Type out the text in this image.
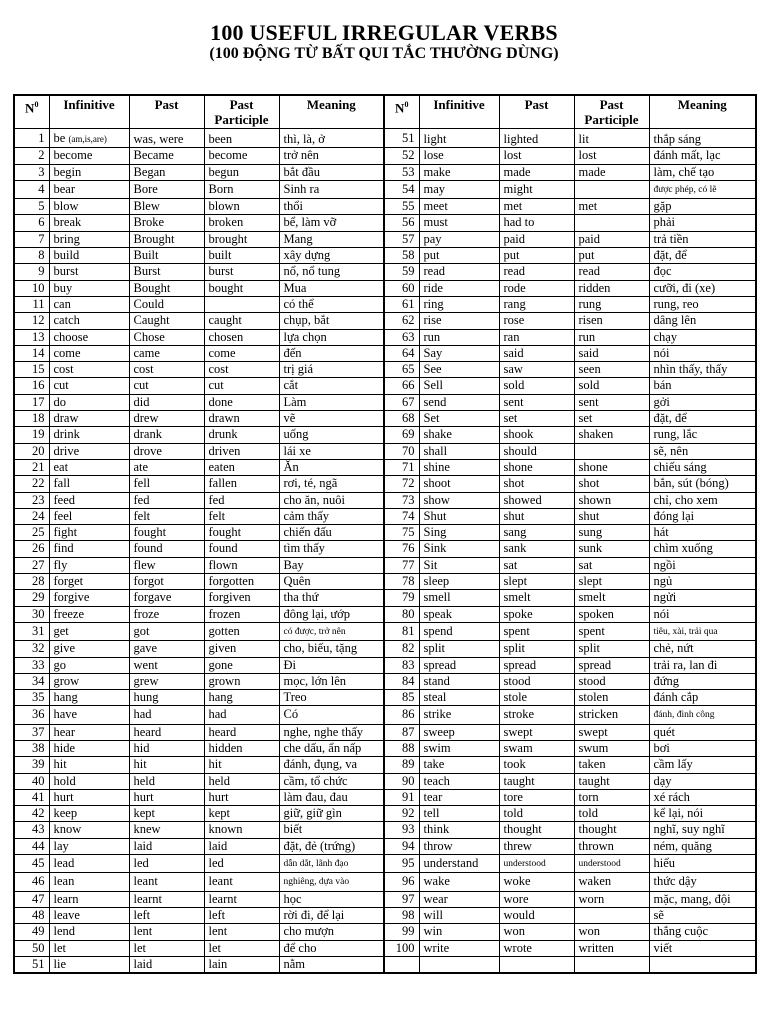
100 USEFUL IRREGULAR VERBS
(100 ĐỘNG TỪ BẤT QUI TẮC THƯỜNG DÙNG)
$N^0$	Infinitive	Past	Past Participle	Meaning	$N^0$	Infinitive	Past	Past Participle	Meaning
1	be (am,is,are)	was, were	been	thì, là, ở	51	light	lighted	lit	thắp sáng
2	become	Became	become	trở nên	52	lose	lost	lost	đánh mất, lạc
3	begin	Began	begun	bắt đầu	53	make	made	made	làm, chế tạo
4	bear	Bore	Born	Sinh ra	54	may	might		được phép, có lẽ
5	blow	Blew	blown	thổi	55	meet	met	met	gặp
6	break	Broke	broken	bể, làm vỡ	56	must	had to		phải
7	bring	Brought	brought	Mang	57	pay	paid	paid	trả tiền
8	build	Built	built	xây dựng	58	put	put	put	đặt, để
9	burst	Burst	burst	nổ, nổ tung	59	read	read	read	đọc
10	buy	Bought	bought	Mua	60	ride	rode	ridden	cưỡi, đi (xe)
11	can	Could		có thể	61	ring	rang	rung	rung, reo
12	catch	Caught	caught	chụp, bắt	62	rise	rose	risen	dâng lên
13	choose	Chose	chosen	lựa chọn	63	run	ran	run	chạy
14	come	came	come	đến	64	Say	said	said	nói
15	cost	cost	cost	trị giá	65	See	saw	seen	nhìn thấy, thấy
16	cut	cut	cut	cắt	66	Sell	sold	sold	bán
17	do	did	done	Làm	67	send	sent	sent	gởi
18	draw	drew	drawn	vẽ	68	Set	set	set	đặt, để
19	drink	drank	drunk	uống	69	shake	shook	shaken	rung, lắc
20	drive	drove	driven	lái xe	70	shall	should		sẽ, nên
21	eat	ate	eaten	Ăn	71	shine	shone	shone	chiếu sáng
22	fall	fell	fallen	rơi, té, ngã	72	shoot	shot	shot	bắn, sút (bóng)
23	feed	fed	fed	cho ăn, nuôi	73	show	showed	shown	chỉ, cho xem
24	feel	felt	felt	cảm thấy	74	Shut	shut	shut	đóng lại
25	fight	fought	fought	chiến đấu	75	Sing	sang	sung	hát
26	find	found	found	tìm thấy	76	Sink	sank	sunk	chìm xuống
27	fly	flew	flown	Bay	77	Sit	sat	sat	ngồi
28	forget	forgot	forgotten	Quên	78	sleep	slept	slept	ngủ
29	forgive	forgave	forgiven	tha thứ	79	smell	smelt	smelt	ngửi
30	freeze	froze	frozen	đông lại, ướp	80	speak	spoke	spoken	nói
31	get	got	gotten	có được, trở nên	81	spend	spent	spent	tiêu, xài, trải qua
32	give	gave	given	cho, biếu, tặng	82	split	split	split	chẻ, nứt
33	go	went	gone	Đi	83	spread	spread	spread	trải ra, lan đi
34	grow	grew	grown	mọc, lớn lên	84	stand	stood	stood	đứng
35	hang	hung	hang	Treo	85	steal	stole	stolen	đánh cắp
36	have	had	had	Có	86	strike	stroke	stricken	đánh, đình công
37	hear	heard	heard	nghe, nghe thấy	87	sweep	swept	swept	quét
38	hide	hid	hidden	che dấu, ẩn nấp	88	swim	swam	swum	bơi
39	hit	hit	hit	đánh, đụng, va	89	take	took	taken	cầm lấy
40	hold	held	held	cầm, tổ chức	90	teach	taught	taught	dạy
41	hurt	hurt	hurt	làm đau, đau	91	tear	tore	torn	xé rách
42	keep	kept	kept	giữ, giữ gìn	92	tell	told	told	kể lại, nói
43	know	knew	known	biết	93	think	thought	thought	nghĩ, suy nghĩ
44	lay	laid	laid	đặt, đẻ (trứng)	94	throw	threw	thrown	ném, quăng
45	lead	led	led	dẫn dắt, lãnh đạo	95	understand	understood	understood	hiểu
46	lean	leant	leant	nghiêng, dựa vào	96	wake	woke	waken	thức dậy
47	learn	learnt	learnt	học	97	wear	wore	worn	mặc, mang, đội
48	leave	left	left	rời đi, để lại	98	will	would		sẽ
49	lend	lent	lent	cho mượn	99	win	won	won	thắng cuộc
50	let	let	let	để cho	100	write	wrote	written	viết
51	lie	laid	lain	nằm					
